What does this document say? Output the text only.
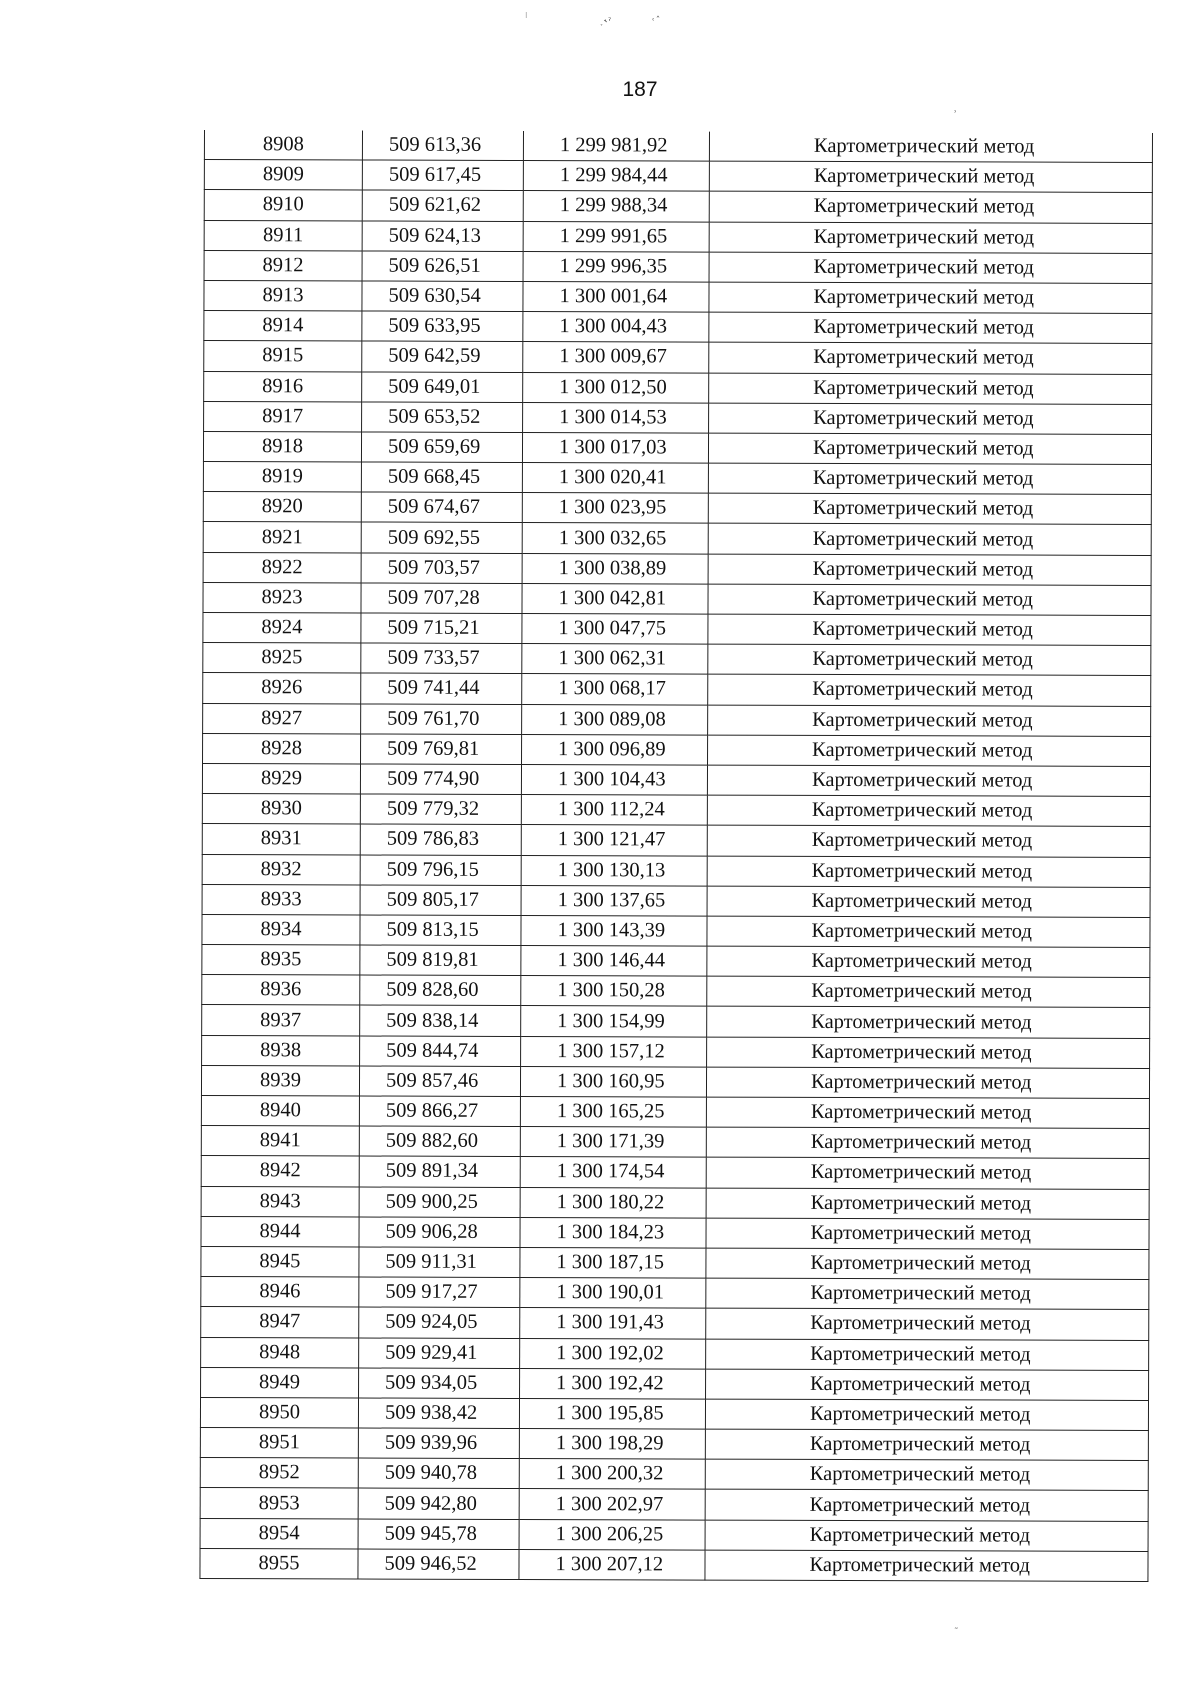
⁝
˯˞ˀ	˓ˆ
˒
˷
187
8908	509 613,36	1 299 981,92	Картометрический метод
8909	509 617,45	1 299 984,44	Картометрический метод
8910	509 621,62	1 299 988,34	Картометрический метод
8911	509 624,13	1 299 991,65	Картометрический метод
8912	509 626,51	1 299 996,35	Картометрический метод
8913	509 630,54	1 300 001,64	Картометрический метод
8914	509 633,95	1 300 004,43	Картометрический метод
8915	509 642,59	1 300 009,67	Картометрический метод
8916	509 649,01	1 300 012,50	Картометрический метод
8917	509 653,52	1 300 014,53	Картометрический метод
8918	509 659,69	1 300 017,03	Картометрический метод
8919	509 668,45	1 300 020,41	Картометрический метод
8920	509 674,67	1 300 023,95	Картометрический метод
8921	509 692,55	1 300 032,65	Картометрический метод
8922	509 703,57	1 300 038,89	Картометрический метод
8923	509 707,28	1 300 042,81	Картометрический метод
8924	509 715,21	1 300 047,75	Картометрический метод
8925	509 733,57	1 300 062,31	Картометрический метод
8926	509 741,44	1 300 068,17	Картометрический метод
8927	509 761,70	1 300 089,08	Картометрический метод
8928	509 769,81	1 300 096,89	Картометрический метод
8929	509 774,90	1 300 104,43	Картометрический метод
8930	509 779,32	1 300 112,24	Картометрический метод
8931	509 786,83	1 300 121,47	Картометрический метод
8932	509 796,15	1 300 130,13	Картометрический метод
8933	509 805,17	1 300 137,65	Картометрический метод
8934	509 813,15	1 300 143,39	Картометрический метод
8935	509 819,81	1 300 146,44	Картометрический метод
8936	509 828,60	1 300 150,28	Картометрический метод
8937	509 838,14	1 300 154,99	Картометрический метод
8938	509 844,74	1 300 157,12	Картометрический метод
8939	509 857,46	1 300 160,95	Картометрический метод
8940	509 866,27	1 300 165,25	Картометрический метод
8941	509 882,60	1 300 171,39	Картометрический метод
8942	509 891,34	1 300 174,54	Картометрический метод
8943	509 900,25	1 300 180,22	Картометрический метод
8944	509 906,28	1 300 184,23	Картометрический метод
8945	509 911,31	1 300 187,15	Картометрический метод
8946	509 917,27	1 300 190,01	Картометрический метод
8947	509 924,05	1 300 191,43	Картометрический метод
8948	509 929,41	1 300 192,02	Картометрический метод
8949	509 934,05	1 300 192,42	Картометрический метод
8950	509 938,42	1 300 195,85	Картометрический метод
8951	509 939,96	1 300 198,29	Картометрический метод
8952	509 940,78	1 300 200,32	Картометрический метод
8953	509 942,80	1 300 202,97	Картометрический метод
8954	509 945,78	1 300 206,25	Картометрический метод
8955	509 946,52	1 300 207,12	Картометрический метод
